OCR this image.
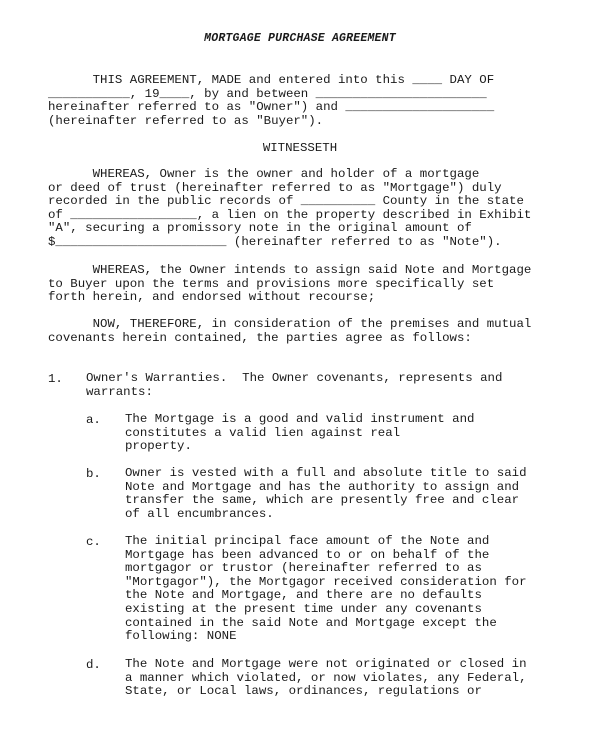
MORTGAGE PURCHASE AGREEMENT
THIS AGREEMENT, MADE and entered into this ____ DAY OF
___________, 19____, by and between _______________________
hereinafter referred to as "Owner") and ____________________
(hereinafter referred to as "Buyer").
WITNESSETH
WHEREAS, Owner is the owner and holder of a mortgage
or deed of trust (hereinafter referred to as "Mortgage") duly
recorded in the public records of __________ County in the state
of _________________, a lien on the property described in Exhibit
"A", securing a promissory note in the original amount of
$_______________________ (hereinafter referred to as "Note").
WHEREAS, the Owner intends to assign said Note and Mortgage
to Buyer upon the terms and provisions more specifically set
forth herein, and endorsed without recourse;
NOW, THEREFORE, in consideration of the premises and mutual
covenants herein contained, the parties agree as follows:
1. Owner's Warranties.  The Owner covenants, represents and
warrants:
a. The Mortgage is a good and valid instrument and
constitutes a valid lien against real
property.
b. Owner is vested with a full and absolute title to said
Note and Mortgage and has the authority to assign and
transfer the same, which are presently free and clear
of all encumbrances.
c. The initial principal face amount of the Note and
Mortgage has been advanced to or on behalf of the
mortgagor or trustor (hereinafter referred to as
"Mortgagor"), the Mortgagor received consideration for
the Note and Mortgage, and there are no defaults
existing at the present time under any covenants
contained in the said Note and Mortgage except the
following: NONE
d. The Note and Mortgage were not originated or closed in
a manner which violated, or now violates, any Federal,
State, or Local laws, ordinances, regulations or
